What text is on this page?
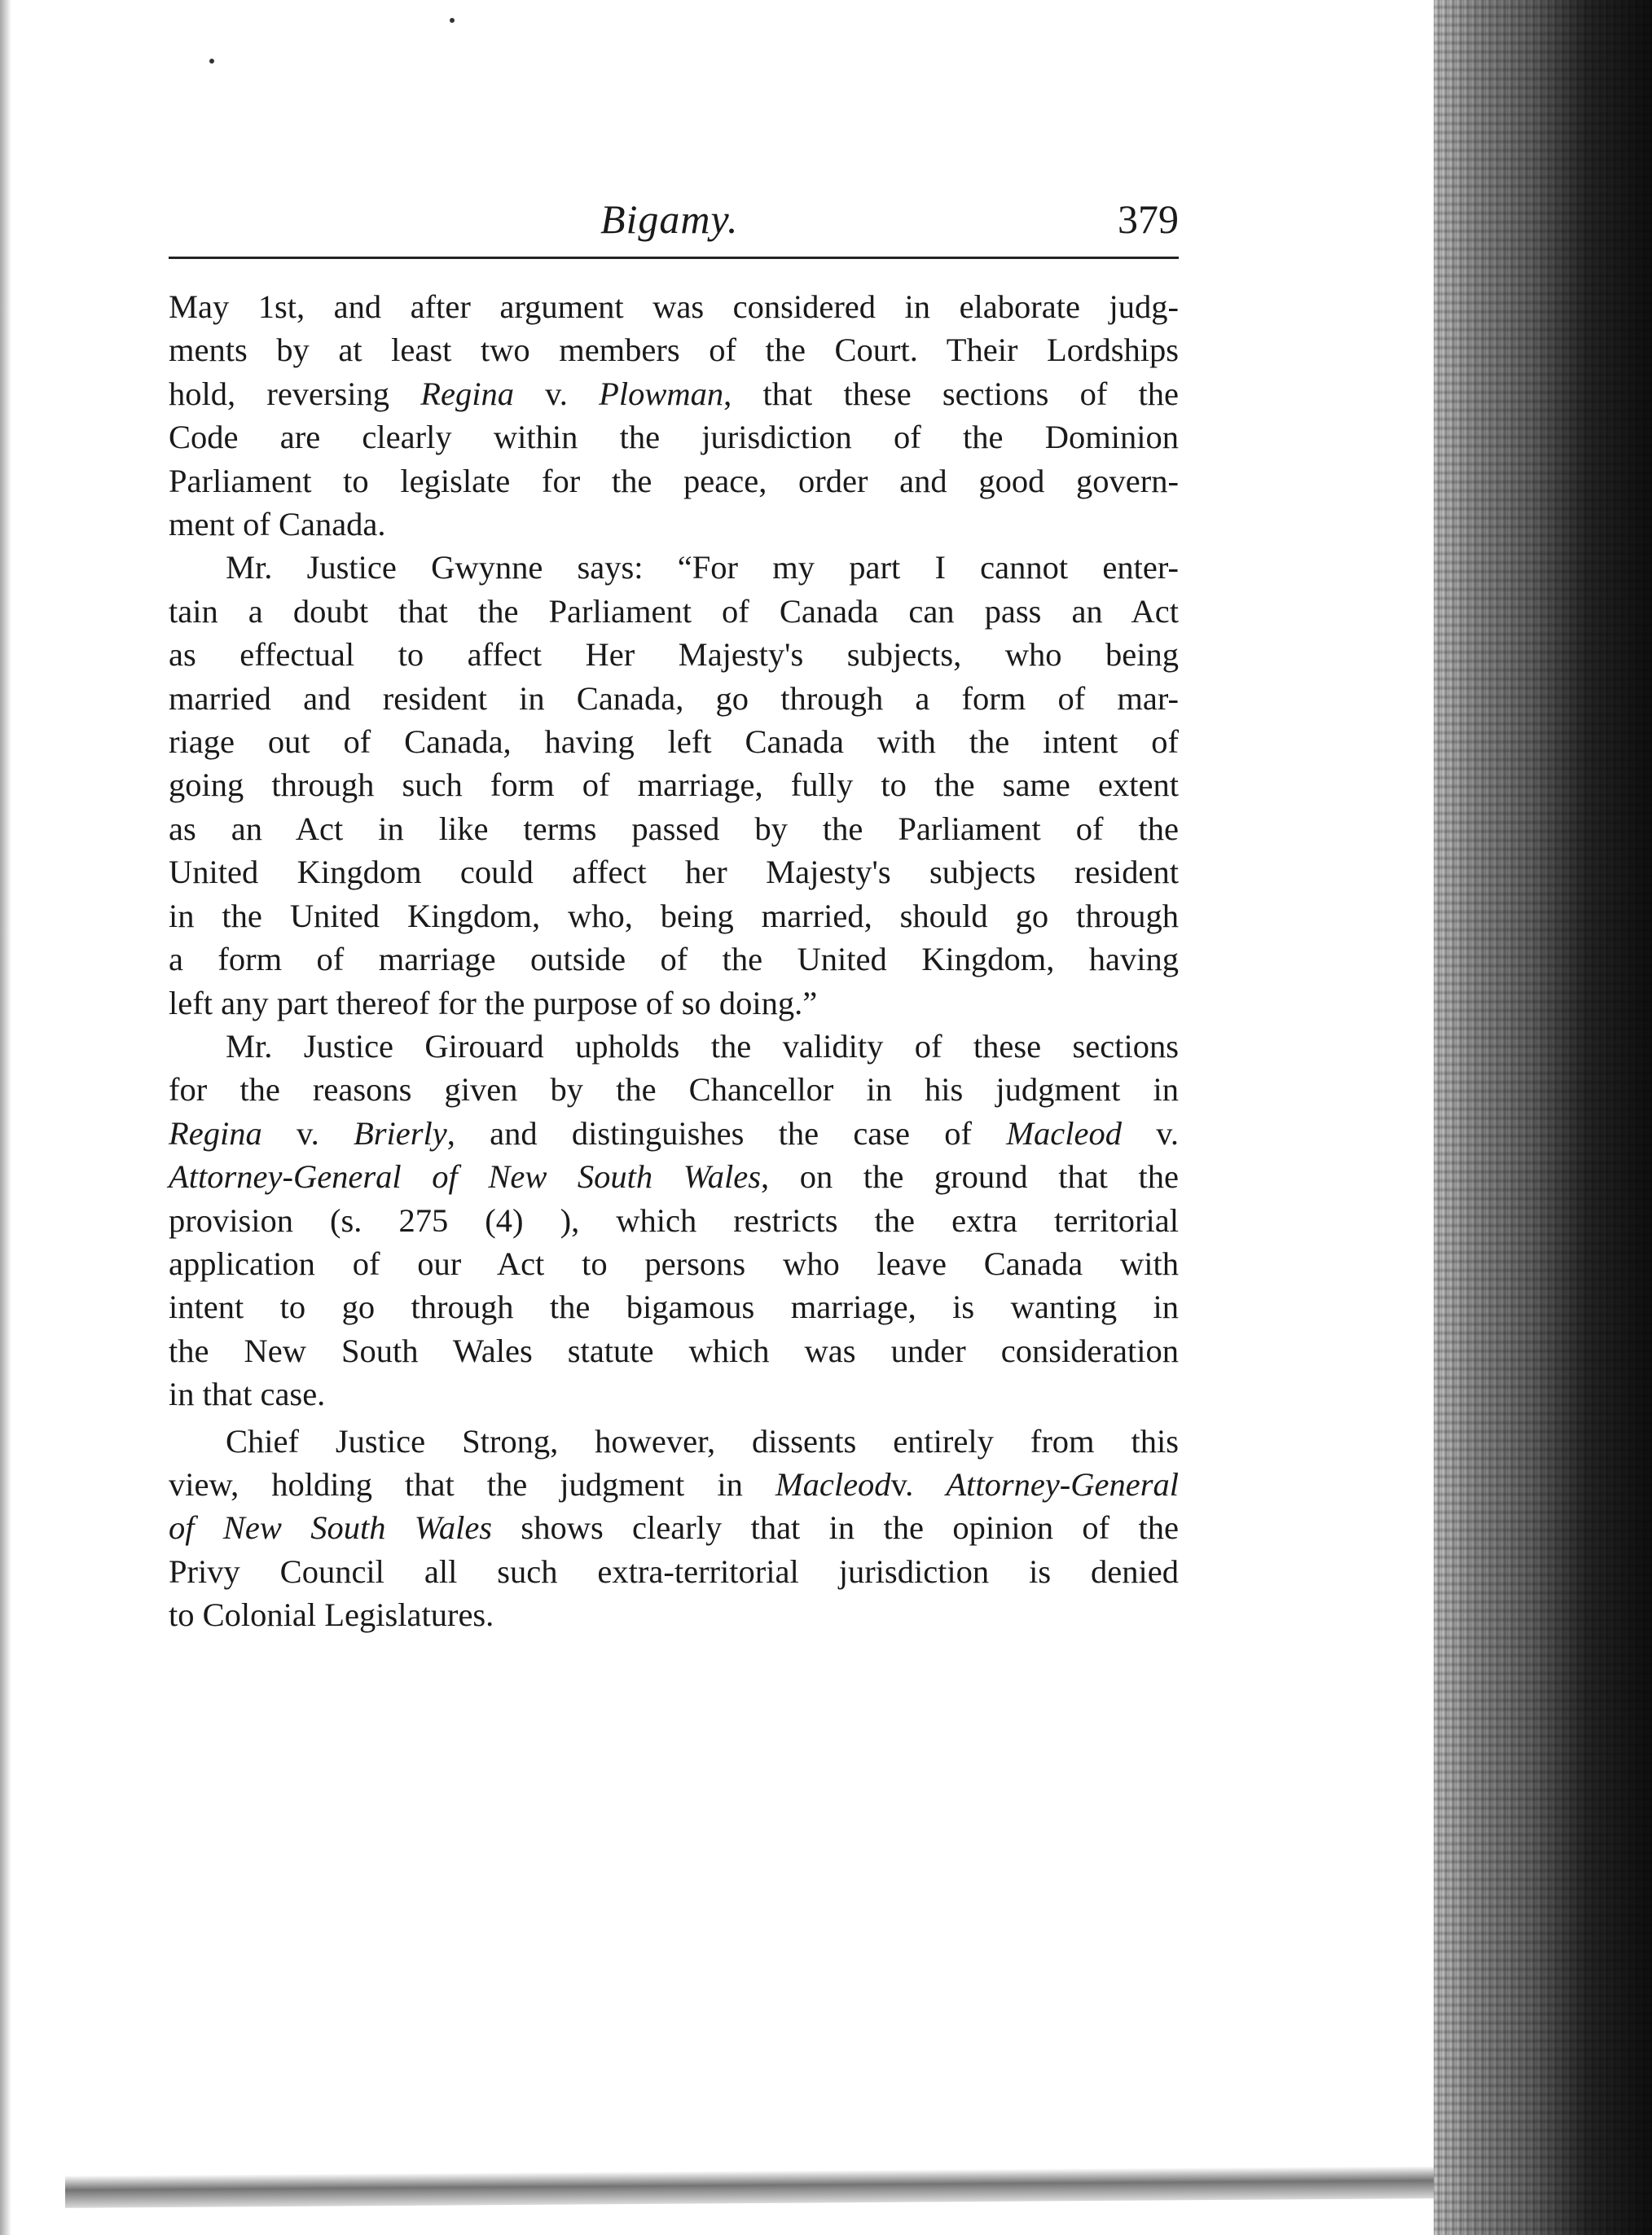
Bigamy.	379
May 1st, and after argument was considered in elaborate judg-
ments by at least two members of the Court. Their Lordships
hold, reversing Regina v. Plowman, that these sections of the
Code are clearly within the jurisdiction of the Dominion
Parliament to legislate for the peace, order and good govern-
ment of Canada.
Mr. Justice Gwynne says: “For my part I cannot enter-
tain a doubt that the Parliament of Canada can pass an Act
as effectual to affect Her Majesty's subjects, who being
married and resident in Canada, go through a form of mar-
riage out of Canada, having left Canada with the intent of
going through such form of marriage, fully to the same extent
as an Act in like terms passed by the Parliament of the
United Kingdom could affect her Majesty's subjects resident
in the United Kingdom, who, being married, should go through
a form of marriage outside of the United Kingdom, having
left any part thereof for the purpose of so doing.”
Mr. Justice Girouard upholds the validity of these sections
for the reasons given by the Chancellor in his judgment in
Regina v. Brierly, and distinguishes the case of Macleod v.
Attorney-General of New South Wales, on the ground that the
provision (s. 275 (4) ), which restricts the extra territorial
application of our Act to persons who leave Canada with
intent to go through the bigamous marriage, is wanting in
the New South Wales statute which was under consideration
in that case.
Chief Justice Strong, however, dissents entirely from this
view, holding that the judgment in Macleodv. Attorney-General
of New South Wales shows clearly that in the opinion of the
Privy Council all such extra-territorial jurisdiction is denied
to Colonial Legislatures.
